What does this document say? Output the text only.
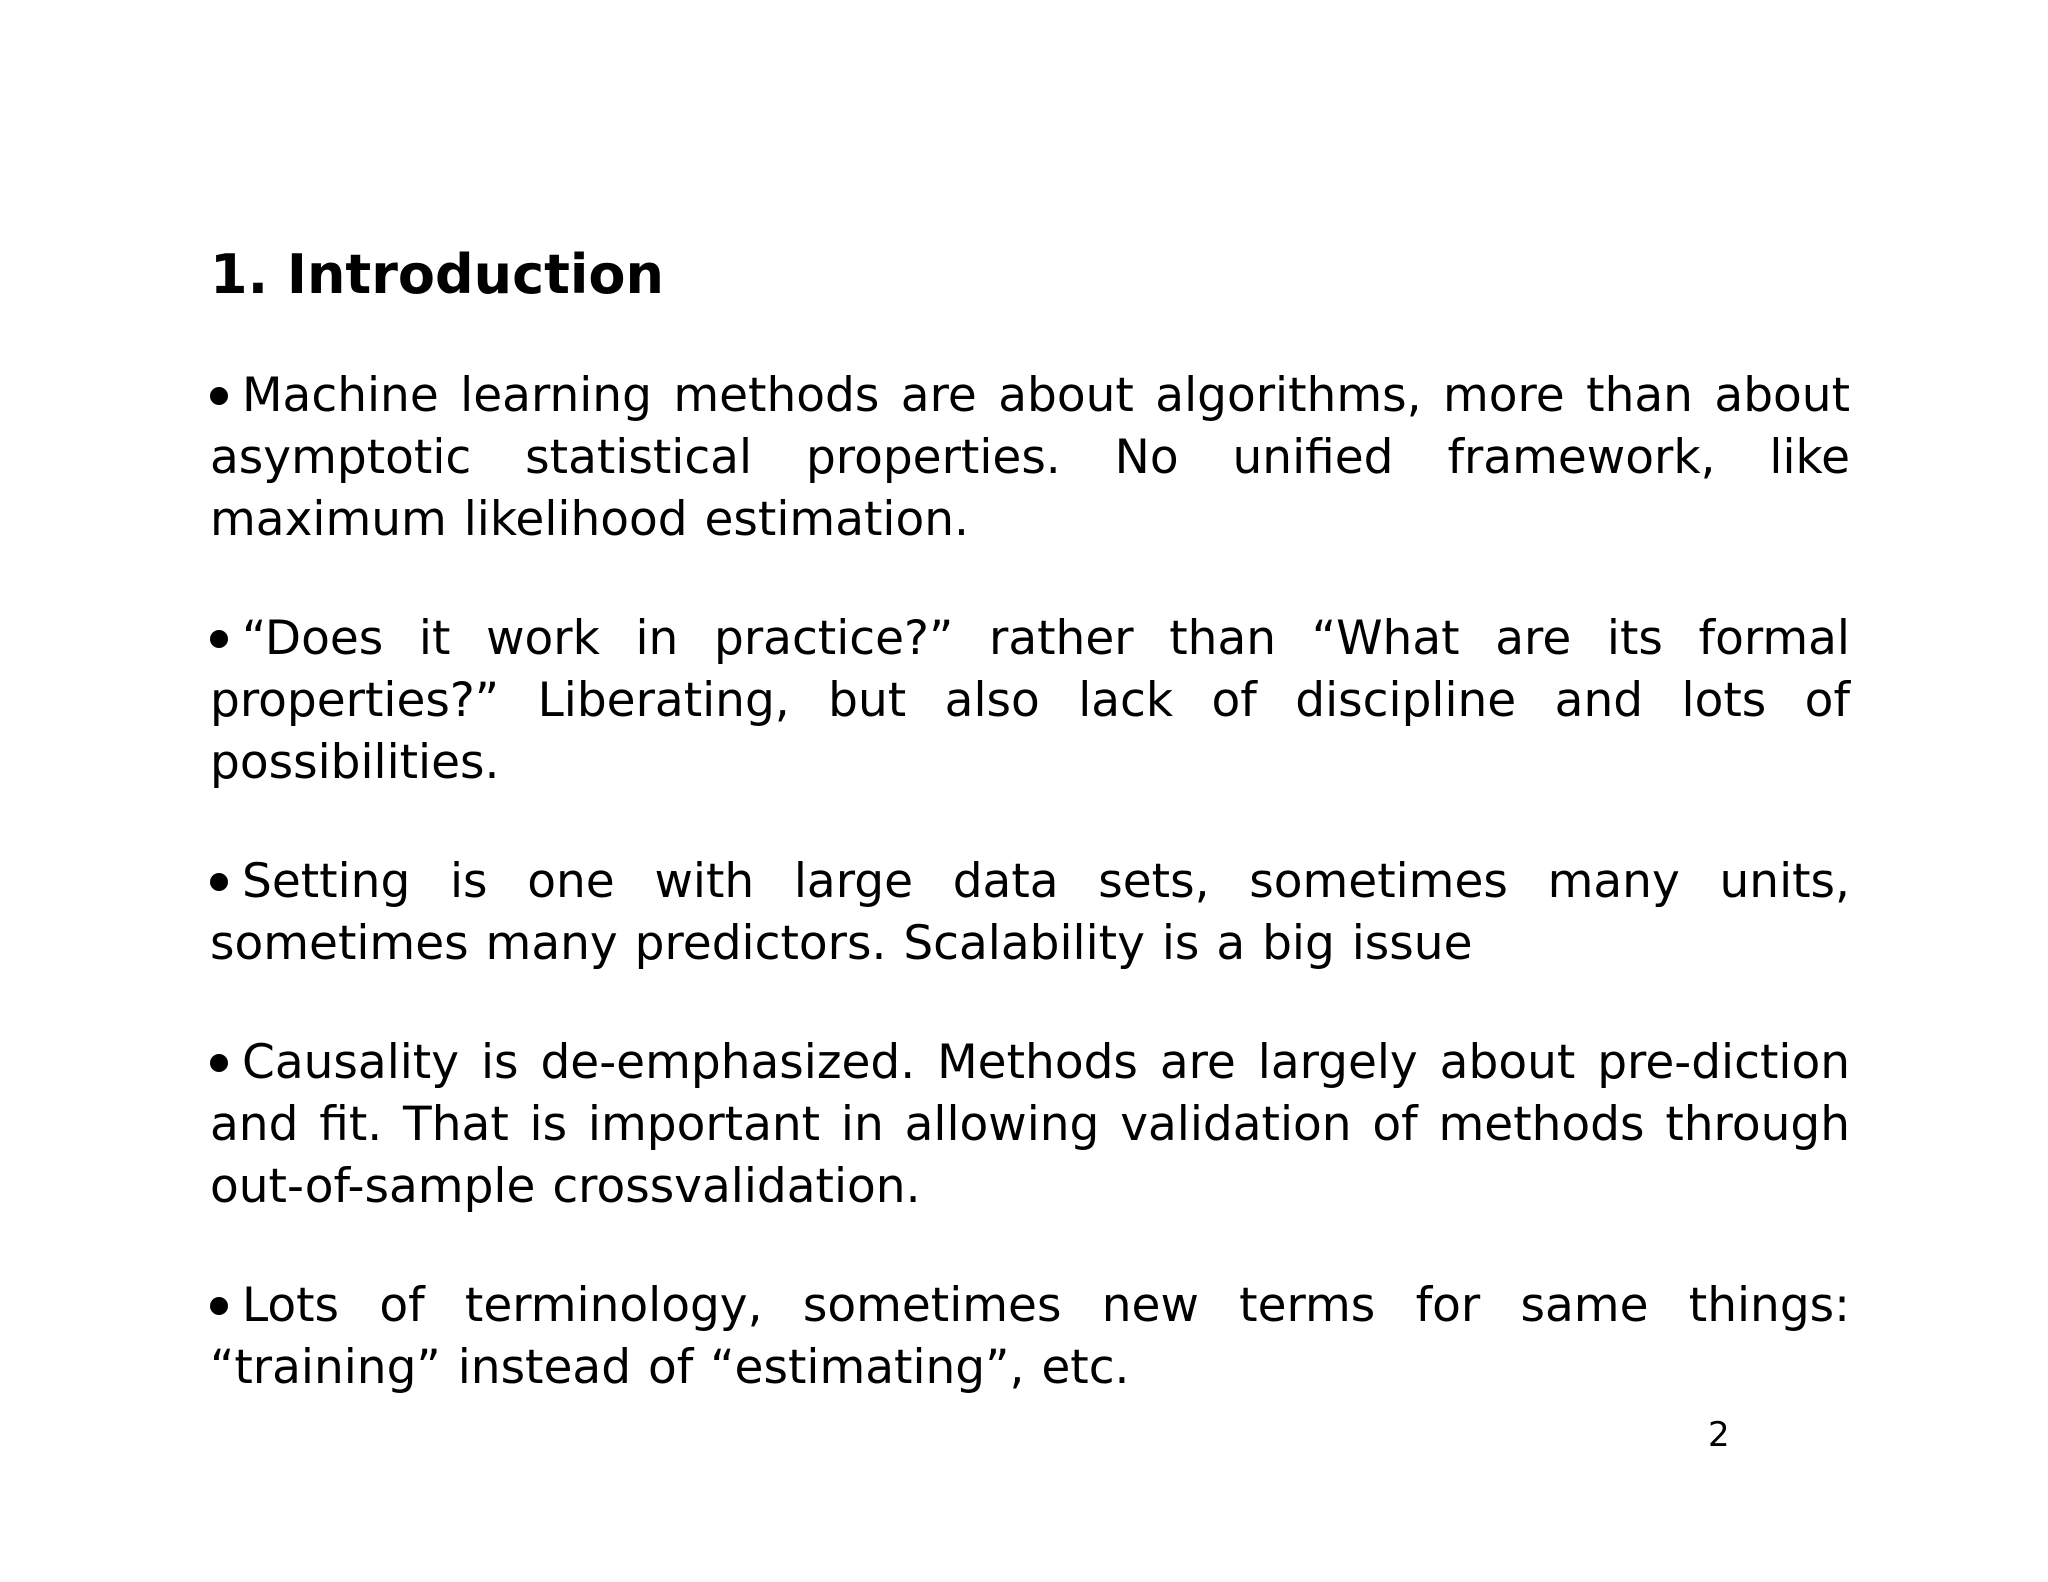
1. Introduction
Machine learning methods are about algorithms, more than about asymptotic statistical properties. No unified framework, like maximum likelihood estimation.
“Does it work in practice?” rather than “What are its formal properties?” Liberating, but also lack of discipline and lots of possibilities.
Setting is one with large data sets, sometimes many units, sometimes many predictors. Scalability is a big issue
Causality is de-emphasized. Methods are largely about pre-diction and fit. That is important in allowing validation of methods through out-of-sample crossvalidation.
Lots of terminology, sometimes new terms for same things: “training” instead of “estimating”, etc.
2
